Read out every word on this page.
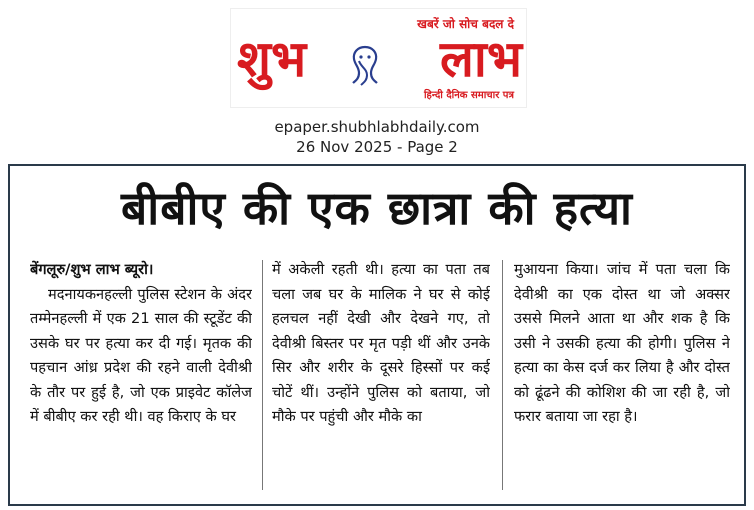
खबरें जो सोच बदल दे
शुभ	लाभ
हिन्दी दैनिक समाचार पत्र
epaper.shubhlabhdaily.com
26 Nov 2025 - Page 2
बीबीए की एक छात्रा की हत्या
बेंगलूरु/शुभ लाभ ब्यूरो।
मदनायकनहल्ली पुलिस स्टेशन के अंदर तम्मेनहल्ली में एक 21 साल की स्टूडेंट की उसके घर पर हत्या कर दी गई। मृतक की पहचान आंध्र प्रदेश की रहने वाली देवीश्री के तौर पर हुई है, जो एक प्राइवेट कॉलेज में बीबीए कर रही थी। वह किराए के घर
में अकेली रहती थी। हत्या का पता तब चला जब घर के मालिक ने घर से कोई हलचल नहीं देखी और देखने गए, तो देवीश्री बिस्तर पर मृत पड़ी थीं और उनके सिर और शरीर के दूसरे हिस्सों पर कई चोटें थीं। उन्होंने पुलिस को बताया, जो मौके पर पहुंची और मौके का
मुआयना किया। जांच में पता चला कि देवीश्री का एक दोस्त था जो अक्सर उससे मिलने आता था और शक है कि उसी ने उसकी हत्या की होगी। पुलिस ने हत्या का केस दर्ज कर लिया है और दोस्त को ढूंढने की कोशिश की जा रही है, जो फरार बताया जा रहा है।
